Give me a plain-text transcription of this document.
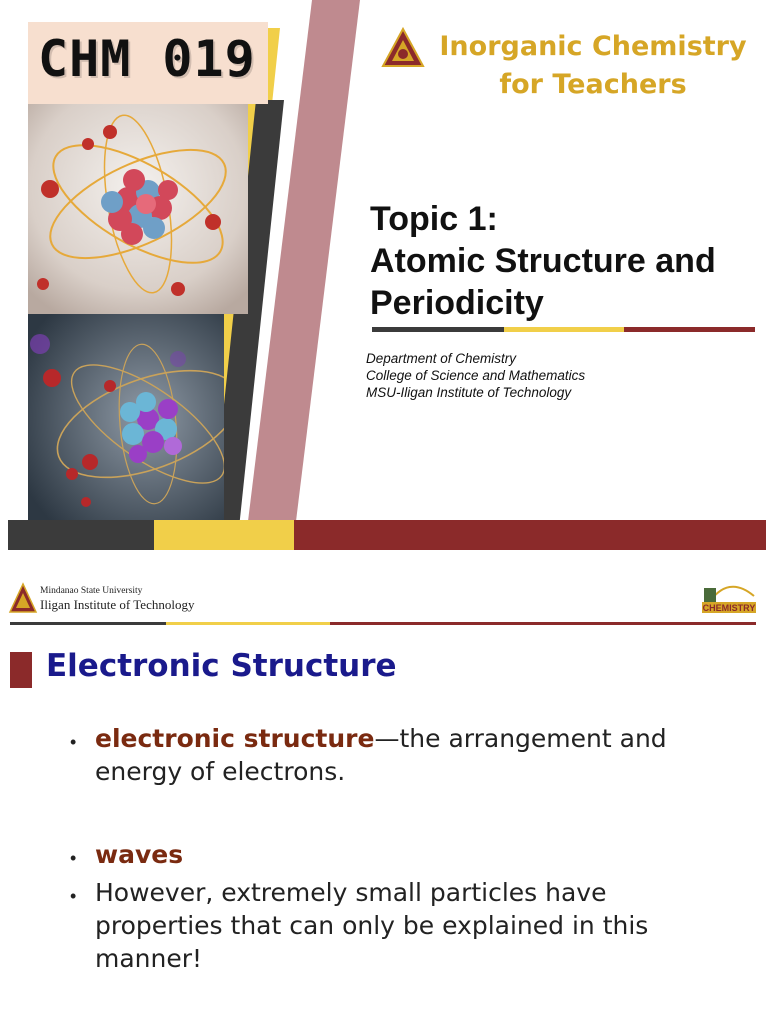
CHM 019	Inorganic Chemistry
for Teachers
Topic 1:
Atomic Structure and
Periodicity
Department of Chemistry
College of Science and Mathematics
MSU-Iligan Institute of Technology
Mindanao State University
Iligan Institute of Technology	CHEMISTRY
Electronic Structure
• electronic structure—the arrangement and energy of electrons.
• waves
• However, extremely small particles have properties that can only be explained in this manner!
